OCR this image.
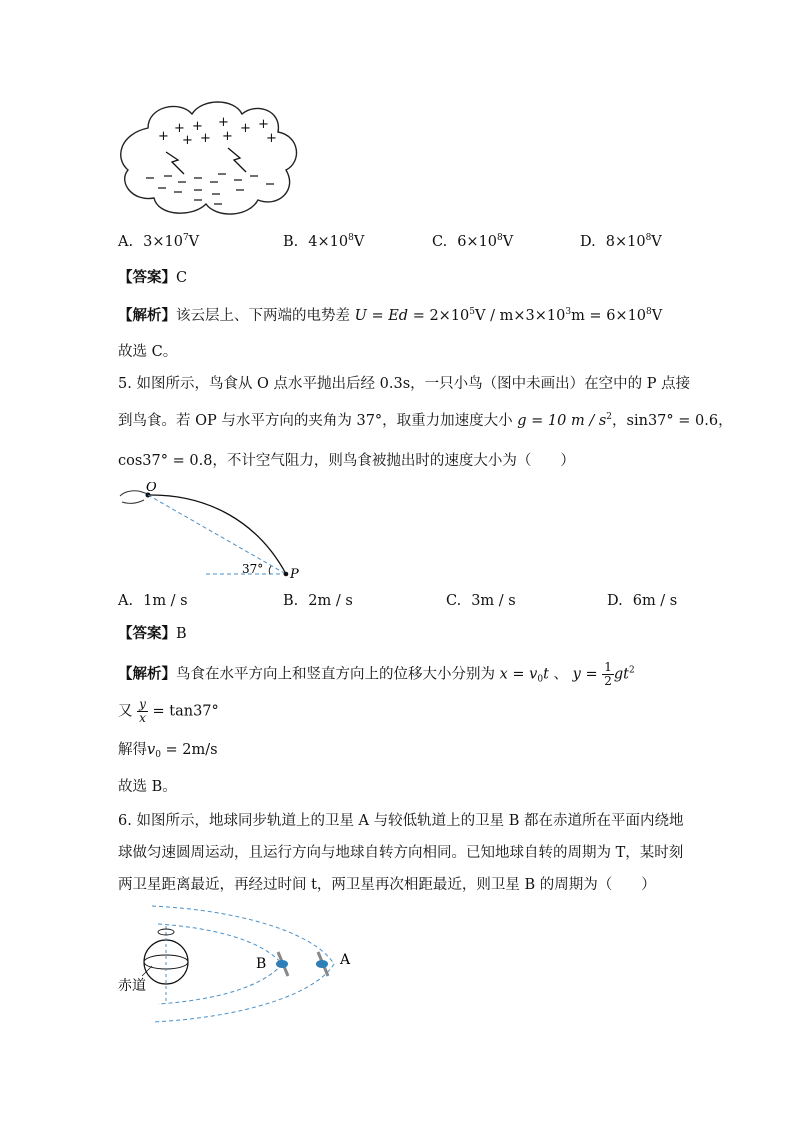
+
+ + + + +
+ + +	+
A. $3\times 10^7V$	B. $4\times 10^8V$	C. $6\times 10^8V$	D. $8\times 10^8V$
【答案】C
【解析】该云层上、下两端的电势差 $U = Ed = 2\times 10^5V / m\times 3\times 10^3m = 6\times 10^8V$
故选 C。
5. 如图所示，鸟食从 O 点水平抛出后经 0.3s，一只小鸟（图中未画出）在空中的 P 点接
到鸟食。若 OP 与水平方向的夹角为 37°，取重力加速度大小 g = 10 m / $s^2$，sin37° = 0.6，
cos37° = 0.8，不计空气阻力，则鸟食被抛出时的速度大小为（　　）
O
P
37°
A. 1m / s	B. 2m / s	C. 3m / s	D. 6m / s
【答案】B
【解析】鸟食在水平方向上和竖直方向上的位移大小分别为 $x = v_0t$ 、 $y = \frac{1}{2} gt^2$
又 $\frac{y}{x} = \tan 37^\circ$
解得$v_0 = 2m/s$
故选 B。
6. 如图所示，地球同步轨道上的卫星 A 与较低轨道上的卫星 B 都在赤道所在平面内绕地
球做匀速圆周运动，且运行方向与地球自转方向相同。已知地球自转的周期为 T，某时刻
两卫星距离最近，再经过时间 t，两卫星再次相距最近，则卫星 B 的周期为（　　）
赤道
B	A
